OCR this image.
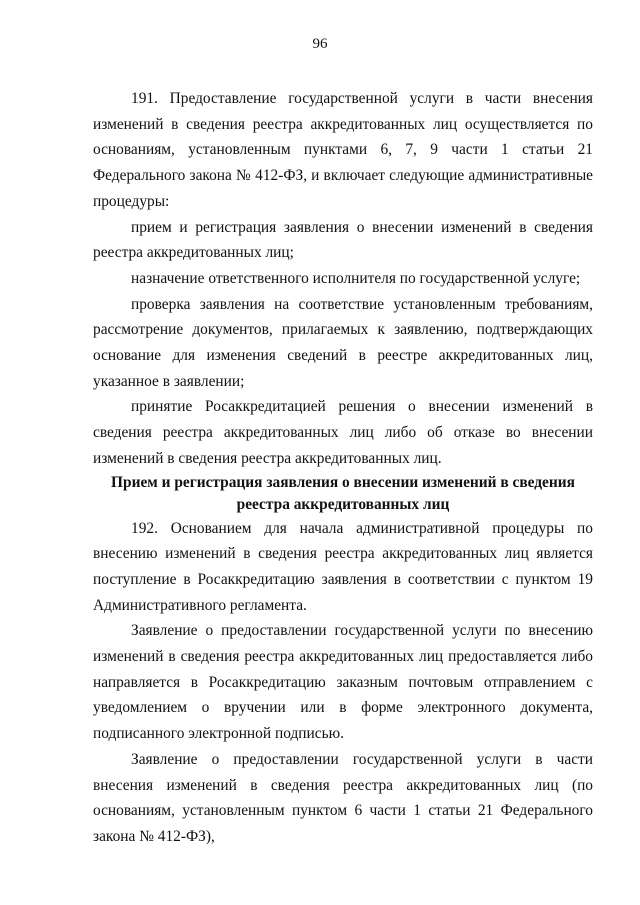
96

191. Предоставление государственной услуги в части внесения изменений в сведения реестра аккредитованных лиц осуществляется по основаниям, установленным пунктами 6, 7, 9 части 1 статьи 21 Федерального закона № 412-ФЗ, и включает следующие административные процедуры:

прием и регистрация заявления о внесении изменений в сведения реестра аккредитованных лиц;

назначение ответственного исполнителя по государственной услуге;

проверка заявления на соответствие установленным требованиям, рассмотрение документов, прилагаемых к заявлению, подтверждающих основание для изменения сведений в реестре аккредитованных лиц, указанное в заявлении;

принятие Росаккредитацией решения о внесении изменений в сведения реестра аккредитованных лиц либо об отказе во внесении изменений в сведения реестра аккредитованных лиц.

Прием и регистрация заявления о внесении изменений в сведения
реестра аккредитованных лиц

192. Основанием для начала административной процедуры по внесению изменений в сведения реестра аккредитованных лиц является поступление в Росаккредитацию заявления в соответствии с пунктом 19 Административного регламента.

Заявление о предоставлении государственной услуги по внесению изменений в сведения реестра аккредитованных лиц предоставляется либо направляется в Росаккредитацию заказным почтовым отправлением с уведомлением о вручении или в форме электронного документа, подписанного электронной подписью.

Заявление о предоставлении государственной услуги в части внесения изменений в сведения реестра аккредитованных лиц (по основаниям, установленным пунктом 6 части 1 статьи 21 Федерального закона № 412-ФЗ),
